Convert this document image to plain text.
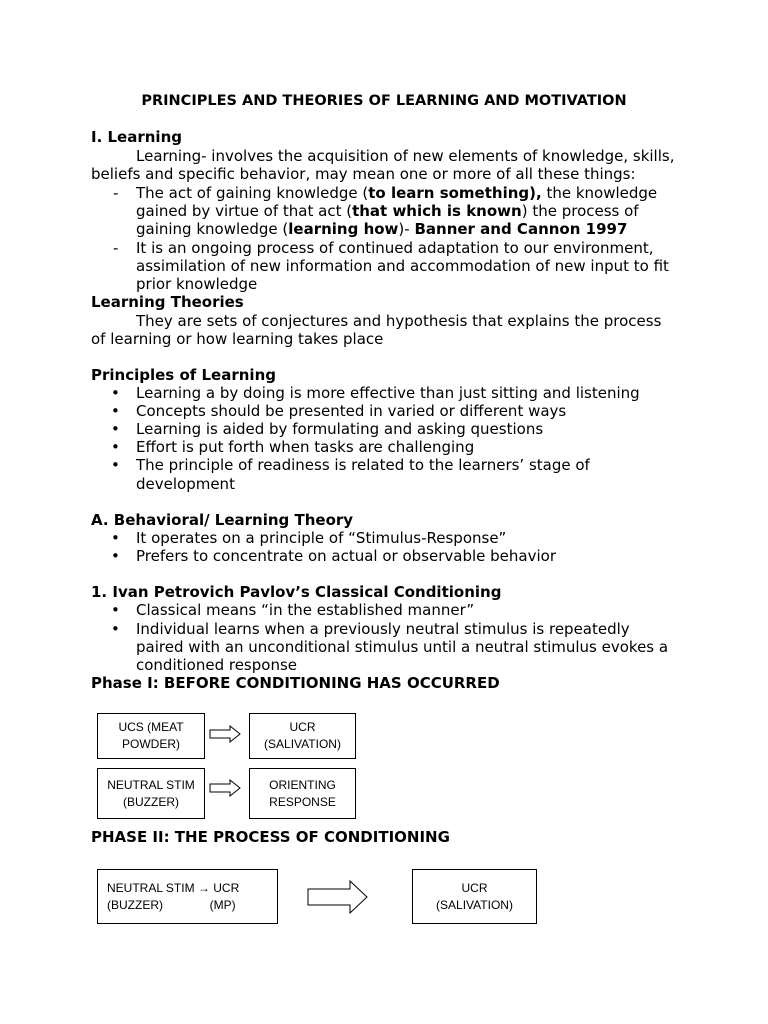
PRINCIPLES AND THEORIES OF LEARNING AND MOTIVATION
I. Learning
Learning- involves the acquisition of new elements of knowledge, skills,
beliefs and specific behavior, may mean one or more of all these things:
- The act of gaining knowledge (to learn something), the knowledge
gained by virtue of that act (that which is known) the process of
gaining knowledge (learning how)- Banner and Cannon 1997
- It is an ongoing process of continued adaptation to our environment,
assimilation of new information and accommodation of new input to fit
prior knowledge
Learning Theories
They are sets of conjectures and hypothesis that explains the process
of learning or how learning takes place
Principles of Learning
• Learning a by doing is more effective than just sitting and listening
• Concepts should be presented in varied or different ways
• Learning is aided by formulating and asking questions
• Effort is put forth when tasks are challenging
• The principle of readiness is related to the learners’ stage of
development
A. Behavioral/ Learning Theory
• It operates on a principle of “Stimulus-Response”
• Prefers to concentrate on actual or observable behavior
1. Ivan Petrovich Pavlov’s Classical Conditioning
• Classical means “in the established manner”
• Individual learns when a previously neutral stimulus is repeatedly
paired with an unconditional stimulus until a neutral stimulus evokes a
conditioned response
Phase I: BEFORE CONDITIONING HAS OCCURRED
UCS (MEAT
POWDER)
UCR
(SALIVATION)
NEUTRAL STIM
(BUZZER)
ORIENTING
RESPONSE
PHASE II: THE PROCESS OF CONDITIONING
NEUTRAL STIM → UCR
(BUZZER)              (MP)
UCR
(SALIVATION)
